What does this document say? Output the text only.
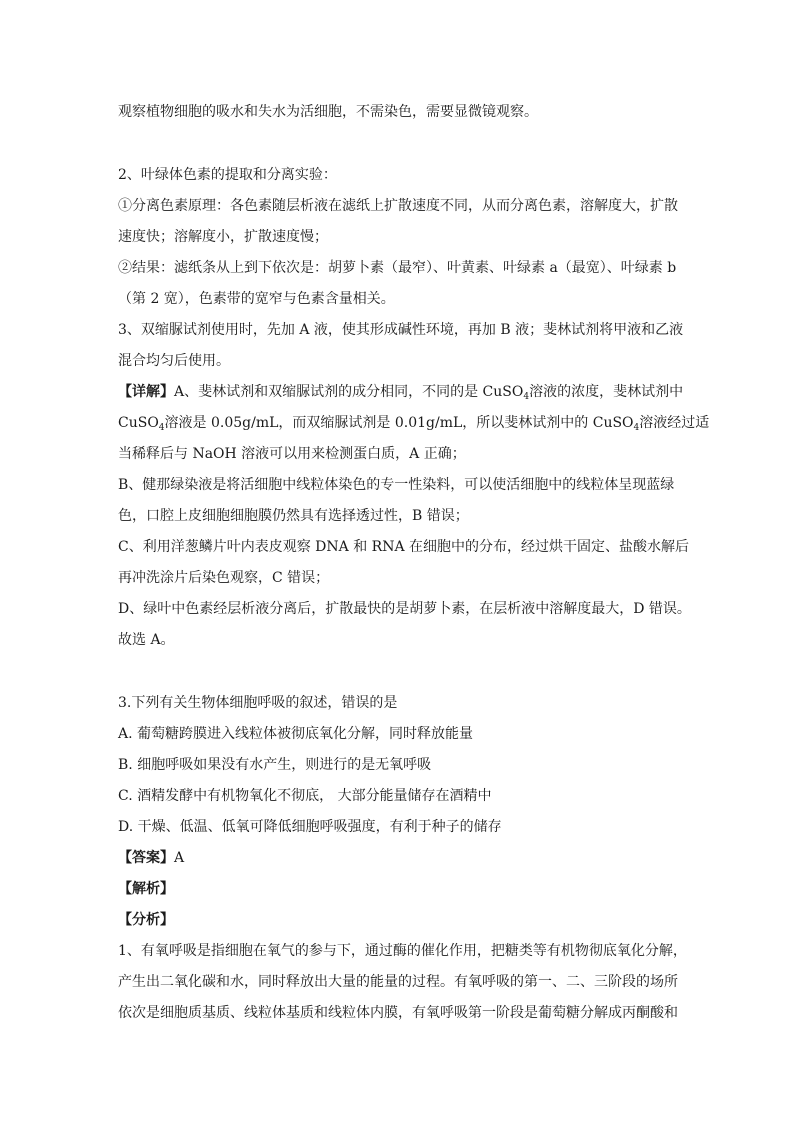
观察植物细胞的吸水和失水为活细胞，不需染色，需要显微镜观察。
2、叶绿体色素的提取和分离实验：
①分离色素原理：各色素随层析液在滤纸上扩散速度不同，从而分离色素，溶解度大，扩散
速度快；溶解度小，扩散速度慢；
②结果：滤纸条从上到下依次是：胡萝卜素（最窄）、叶黄素、叶绿素 a（最宽）、叶绿素 b
（第 2 宽），色素带的宽窄与色素含量相关。
3、双缩脲试剂使用时，先加 A 液，使其形成碱性环境，再加 B 液；斐林试剂将甲液和乙液
混合均匀后使用。
【详解】A、斐林试剂和双缩脲试剂的成分相同，不同的是 CuSO$_4$溶液的浓度，斐林试剂中
CuSO$_4$溶液是 0.05g/mL，而双缩脲试剂是 0.01g/mL，所以斐林试剂中的 CuSO$_4$溶液经过适
当稀释后与 NaOH 溶液可以用来检测蛋白质，A 正确；
B、健那绿染液是将活细胞中线粒体染色的专一性染料，可以使活细胞中的线粒体呈现蓝绿
色，口腔上皮细胞细胞膜仍然具有选择透过性，B 错误；
C、利用洋葱鳞片叶内表皮观察 DNA 和 RNA 在细胞中的分布，经过烘干固定、盐酸水解后
再冲洗涂片后染色观察，C 错误；
D、绿叶中色素经层析液分离后，扩散最快的是胡萝卜素，在层析液中溶解度最大，D 错误。
故选 A。
3.下列有关生物体细胞呼吸的叙述，错误的是
A. 葡萄糖跨膜进入线粒体被彻底氧化分解，同时释放能量
B. 细胞呼吸如果没有水产生，则进行的是无氧呼吸
C. 酒精发酵中有机物氧化不彻底， 大部分能量储存在酒精中
D. 干燥、低温、低氧可降低细胞呼吸强度，有利于种子的储存
【答案】A
【解析】
【分析】
1、有氧呼吸是指细胞在氧气的参与下，通过酶的催化作用，把糖类等有机物彻底氧化分解，
产生出二氧化碳和水，同时释放出大量的能量的过程。有氧呼吸的第一、二、三阶段的场所
依次是细胞质基质、线粒体基质和线粒体内膜，有氧呼吸第一阶段是葡萄糖分解成丙酮酸和
